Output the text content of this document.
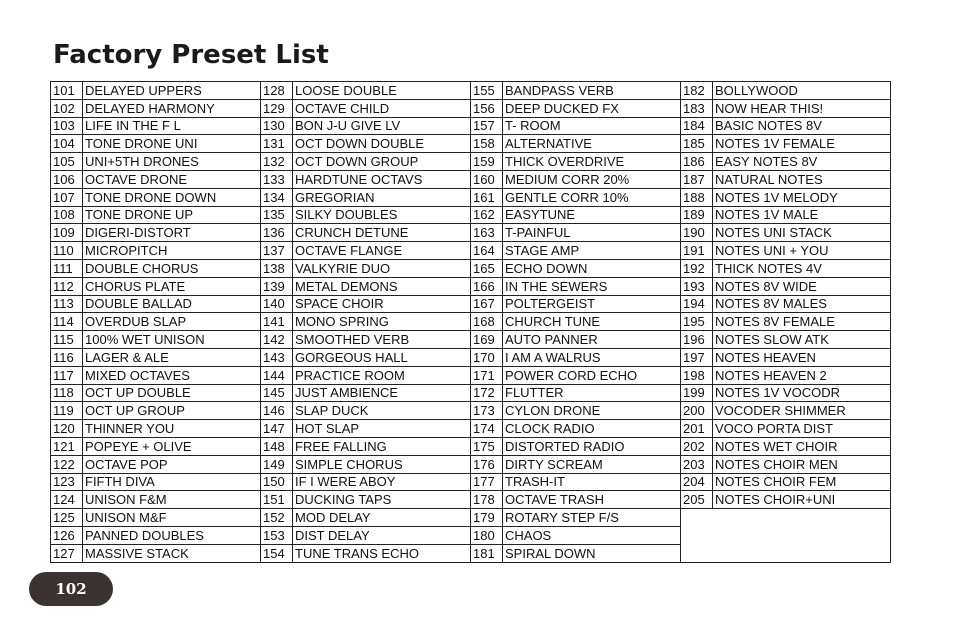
Factory Preset List
101	DELAYED UPPERS	128	LOOSE DOUBLE	155	BANDPASS VERB	182	BOLLYWOOD
102	DELAYED HARMONY	129	OCTAVE CHILD	156	DEEP DUCKED FX	183	NOW HEAR THIS!
103	LIFE IN THE F L	130	BON J-U GIVE LV	157	T- ROOM	184	BASIC NOTES 8V
104	TONE DRONE UNI	131	OCT DOWN DOUBLE	158	ALTERNATIVE	185	NOTES 1V FEMALE
105	UNI+5TH DRONES	132	OCT DOWN GROUP	159	THICK OVERDRIVE	186	EASY NOTES 8V
106	OCTAVE DRONE	133	HARDTUNE OCTAVS	160	MEDIUM CORR 20%	187	NATURAL NOTES
107	TONE DRONE DOWN	134	GREGORIAN	161	GENTLE CORR 10%	188	NOTES 1V MELODY
108	TONE DRONE UP	135	SILKY DOUBLES	162	EASYTUNE	189	NOTES 1V MALE
109	DIGERI-DISTORT	136	CRUNCH DETUNE	163	T-PAINFUL	190	NOTES UNI STACK
110	MICROPITCH	137	OCTAVE FLANGE	164	STAGE AMP	191	NOTES UNI + YOU
111	DOUBLE CHORUS	138	VALKYRIE DUO	165	ECHO DOWN	192	THICK NOTES 4V
112	CHORUS PLATE	139	METAL DEMONS	166	IN THE SEWERS	193	NOTES 8V WIDE
113	DOUBLE BALLAD	140	SPACE CHOIR	167	POLTERGEIST	194	NOTES 8V MALES
114	OVERDUB SLAP	141	MONO SPRING	168	CHURCH TUNE	195	NOTES 8V FEMALE
115	100% WET UNISON	142	SMOOTHED VERB	169	AUTO PANNER	196	NOTES SLOW ATK
116	LAGER & ALE	143	GORGEOUS HALL	170	I AM A WALRUS	197	NOTES HEAVEN
117	MIXED OCTAVES	144	PRACTICE ROOM	171	POWER CORD ECHO	198	NOTES HEAVEN 2
118	OCT UP DOUBLE	145	JUST AMBIENCE	172	FLUTTER	199	NOTES 1V VOCODR
119	OCT UP GROUP	146	SLAP DUCK	173	CYLON DRONE	200	VOCODER SHIMMER
120	THINNER YOU	147	HOT SLAP	174	CLOCK RADIO	201	VOCO PORTA DIST
121	POPEYE + OLIVE	148	FREE FALLING	175	DISTORTED RADIO	202	NOTES WET CHOIR
122	OCTAVE POP	149	SIMPLE CHORUS	176	DIRTY SCREAM	203	NOTES CHOIR MEN
123	FIFTH DIVA	150	IF I WERE ABOY	177	TRASH-IT	204	NOTES CHOIR FEM
124	UNISON F&M	151	DUCKING TAPS	178	OCTAVE TRASH	205	NOTES CHOIR+UNI
125	UNISON M&F	152	MOD DELAY	179	ROTARY STEP F/S		
126	PANNED DOUBLES	153	DIST DELAY	180	CHAOS		
127	MASSIVE STACK	154	TUNE TRANS ECHO	181	SPIRAL DOWN		
102
